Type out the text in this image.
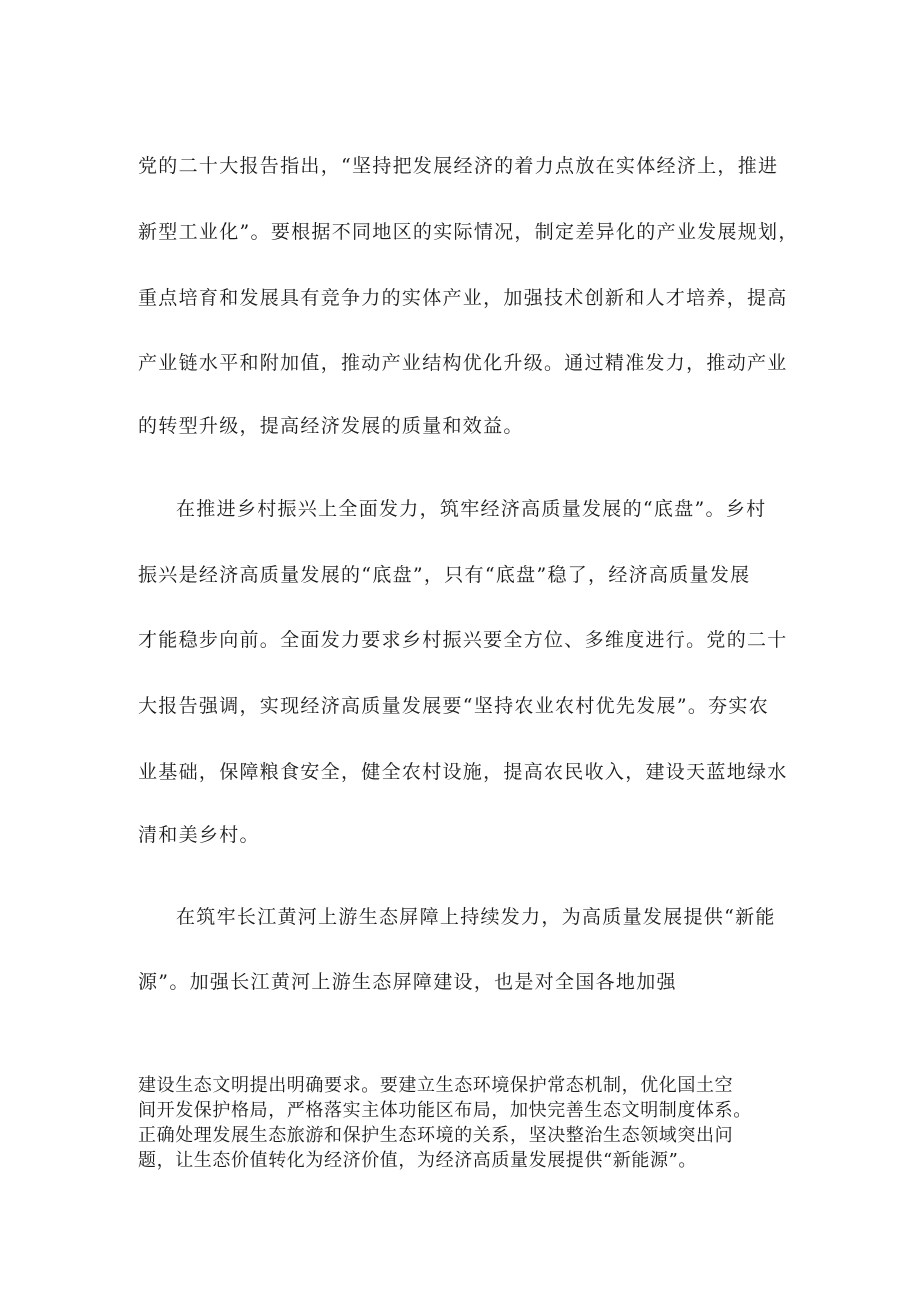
党的二十大报告指出，“坚持把发展经济的着力点放在实体经济上，推进
新型工业化”。要根据不同地区的实际情况，制定差异化的产业发展规划，
重点培育和发展具有竞争力的实体产业，加强技术创新和人才培养，提高
产业链水平和附加值，推动产业结构优化升级。通过精准发力，推动产业
的转型升级，提高经济发展的质量和效益。
在推进乡村振兴上全面发力，筑牢经济高质量发展的“底盘”。乡村
振兴是经济高质量发展的“底盘”，只有“底盘”稳了，经济高质量发展
才能稳步向前。全面发力要求乡村振兴要全方位、多维度进行。党的二十
大报告强调，实现经济高质量发展要“坚持农业农村优先发展”。夯实农
业基础，保障粮食安全，健全农村设施，提高农民收入，建设天蓝地绿水
清和美乡村。
在筑牢长江黄河上游生态屏障上持续发力，为高质量发展提供“新能
源”。加强长江黄河上游生态屏障建设，也是对全国各地加强
建设生态文明提出明确要求。要建立生态环境保护常态机制，优化国土空
间开发保护格局，严格落实主体功能区布局，加快完善生态文明制度体系。
正确处理发展生态旅游和保护生态环境的关系，坚决整治生态领域突出问
题，让生态价值转化为经济价值，为经济高质量发展提供“新能源”。
